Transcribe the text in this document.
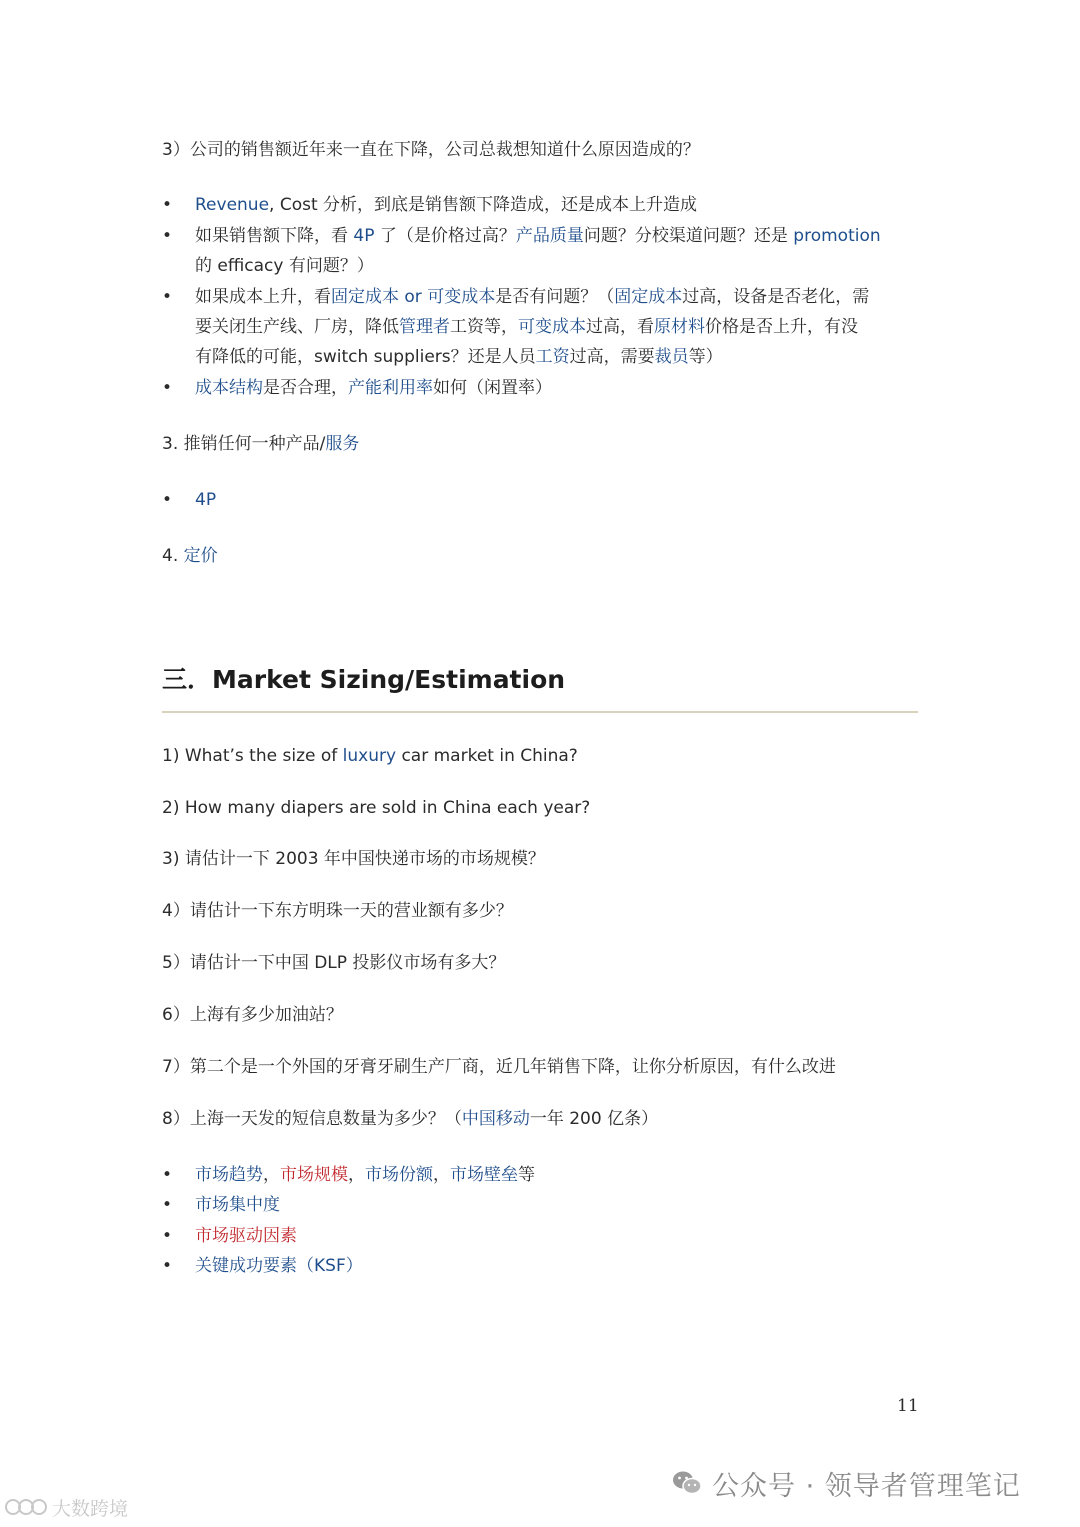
3）公司的销售额近年来一直在下降，公司总裁想知道什么原因造成的？
•	Revenue, Cost 分析，到底是销售额下降造成，还是成本上升造成
•	如果销售额下降，看 4P 了（是价格过高？产品质量问题？分校渠道问题？还是 promotion
的 efficacy 有问题？）
•	如果成本上升，看固定成本 or 可变成本是否有问题？（固定成本过高，设备是否老化，需
要关闭生产线、厂房，降低管理者工资等，可变成本过高，看原材料价格是否上升，有没
有降低的可能，switch suppliers？还是人员工资过高，需要裁员等）
•	成本结构是否合理，产能利用率如何（闲置率）
3. 推销任何一种产品/服务
•	4P
4. 定价
三．Market Sizing/Estimation
1) What’s the size of luxury car market in China?
2) How many diapers are sold in China each year?
3) 请估计一下 2003 年中国快递市场的市场规模？
4）请估计一下东方明珠一天的营业额有多少？
5）请估计一下中国 DLP 投影仪市场有多大？
6）上海有多少加油站？
7）第二个是一个外国的牙膏牙刷生产厂商，近几年销售下降，让你分析原因，有什么改进
8）上海一天发的短信息数量为多少？（中国移动一年 200 亿条）
•	市场趋势，市场规模，市场份额，市场壁垒等
•	市场集中度
•	市场驱动因素
•	关键成功要素（KSF）
11
公众号 · 领导者管理笔记
大数跨境
